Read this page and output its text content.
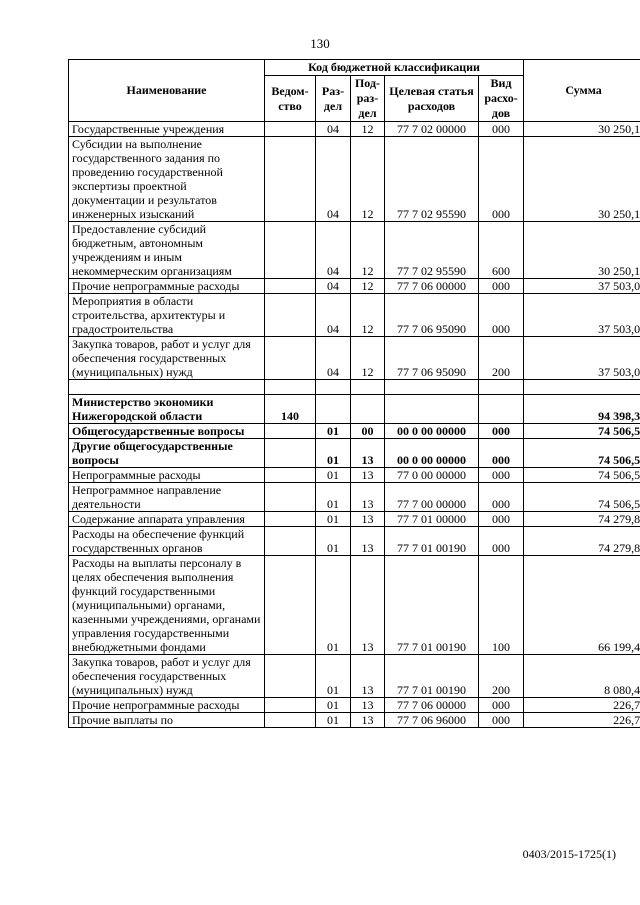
130
Наименование	Код бюджетной классификации					Сумма
	Ведом-ство	Раз-дел	Под-раз-дел	Целевая статья расходов	Вид расхо-дов	
Государственные учреждения		04	12	77 7 02 00000	000	30 250,1
Субсидии на выполнение государственного задания по проведению государственной экспертизы проектной документации и результатов инженерных изысканий		04	12	77 7 02 95590	000	30 250,1
Предоставление субсидий бюджетным, автономным учреждениям и иным некоммерческим организациям		04	12	77 7 02 95590	600	30 250,1
Прочие непрограммные расходы		04	12	77 7 06 00000	000	37 503,0
Мероприятия в области строительства, архитектуры и градостроительства		04	12	77 7 06 95090	000	37 503,0
Закупка товаров, работ и услуг для обеспечения государственных (муниципальных) нужд		04	12	77 7 06 95090	200	37 503,0

Министерство экономики Нижегородской области	140					94 398,3
Общегосударственные вопросы		01	00	00 0 00 00000	000	74 506,5
Другие общегосударственные вопросы		01	13	00 0 00 00000	000	74 506,5
Непрограммные расходы		01	13	77 0 00 00000	000	74 506,5
Непрограммное направление деятельности		01	13	77 7 00 00000	000	74 506,5
Содержание аппарата управления		01	13	77 7 01 00000	000	74 279,8
Расходы на обеспечение функций государственных органов		01	13	77 7 01 00190	000	74 279,8
Расходы на выплаты персоналу в целях обеспечения выполнения функций государственными (муниципальными) органами, казенными учреждениями, органами управления государственными внебюджетными фондами		01	13	77 7 01 00190	100	66 199,4
Закупка товаров, работ и услуг для обеспечения государственных (муниципальных) нужд		01	13	77 7 01 00190	200	8 080,4
Прочие непрограммные расходы		01	13	77 7 06 00000	000	226,7
Прочие выплаты по		01	13	77 7 06 96000	000	226,7
0403/2015-1725(1)
